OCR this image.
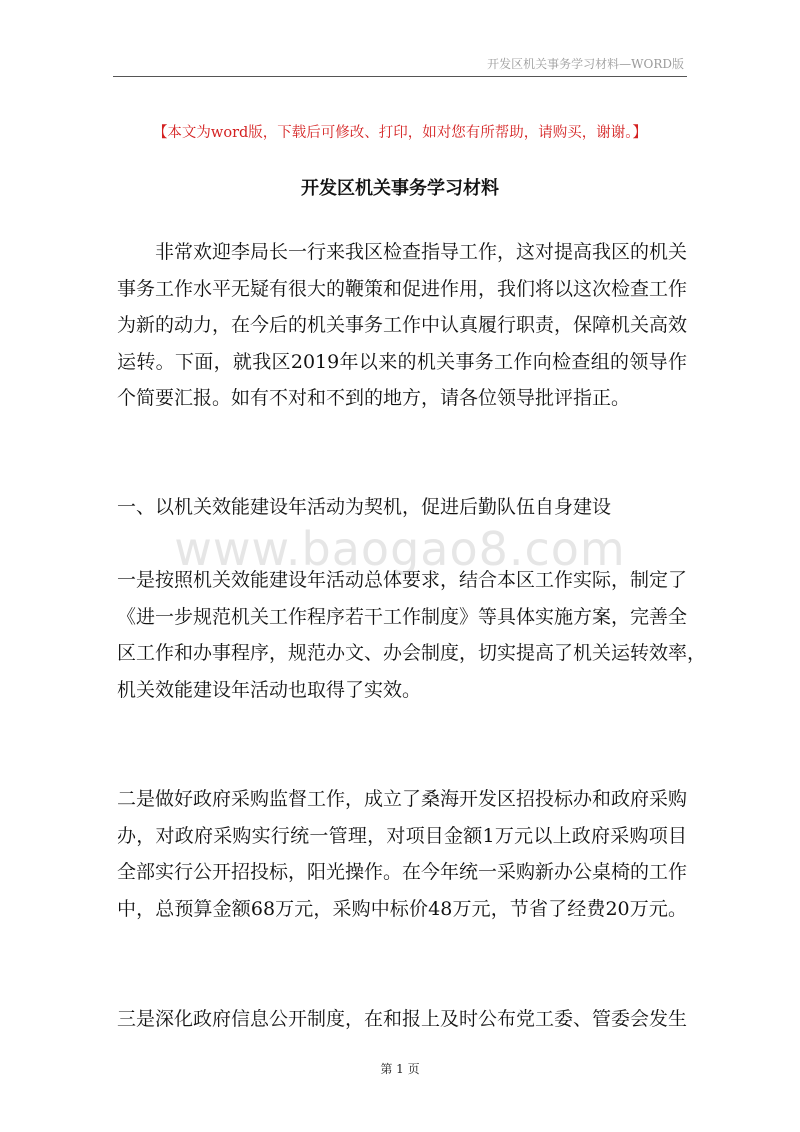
开发区机关事务学习材料—WORD版
【本文为word版，下载后可修改、打印，如对您有所帮助，请购买，谢谢。】
开发区机关事务学习材料

非常欢迎李局长一行来我区检查指导工作，这对提高我区的机关
事务工作水平无疑有很大的鞭策和促进作用，我们将以这次检查工作
为新的动力，在今后的机关事务工作中认真履行职责，保障机关高效
运转。下面，就我区2019年以来的机关事务工作向检查组的领导作
个简要汇报。如有不对和不到的地方，请各位领导批评指正。

一、以机关效能建设年活动为契机，促进后勤队伍自身建设

www.baogao8.com

一是按照机关效能建设年活动总体要求，结合本区工作实际，制定了
《进一步规范机关工作程序若干工作制度》等具体实施方案，完善全
区工作和办事程序，规范办文、办会制度，切实提高了机关运转效率，
机关效能建设年活动也取得了实效。

二是做好政府采购监督工作，成立了桑海开发区招投标办和政府采购
办，对政府采购实行统一管理，对项目金额1万元以上政府采购项目
全部实行公开招投标，阳光操作。在今年统一采购新办公桌椅的工作
中，总预算金额68万元，采购中标价48万元，节省了经费20万元。

三是深化政府信息公开制度，在和报上及时公布党工委、管委会发生

第 1 页
